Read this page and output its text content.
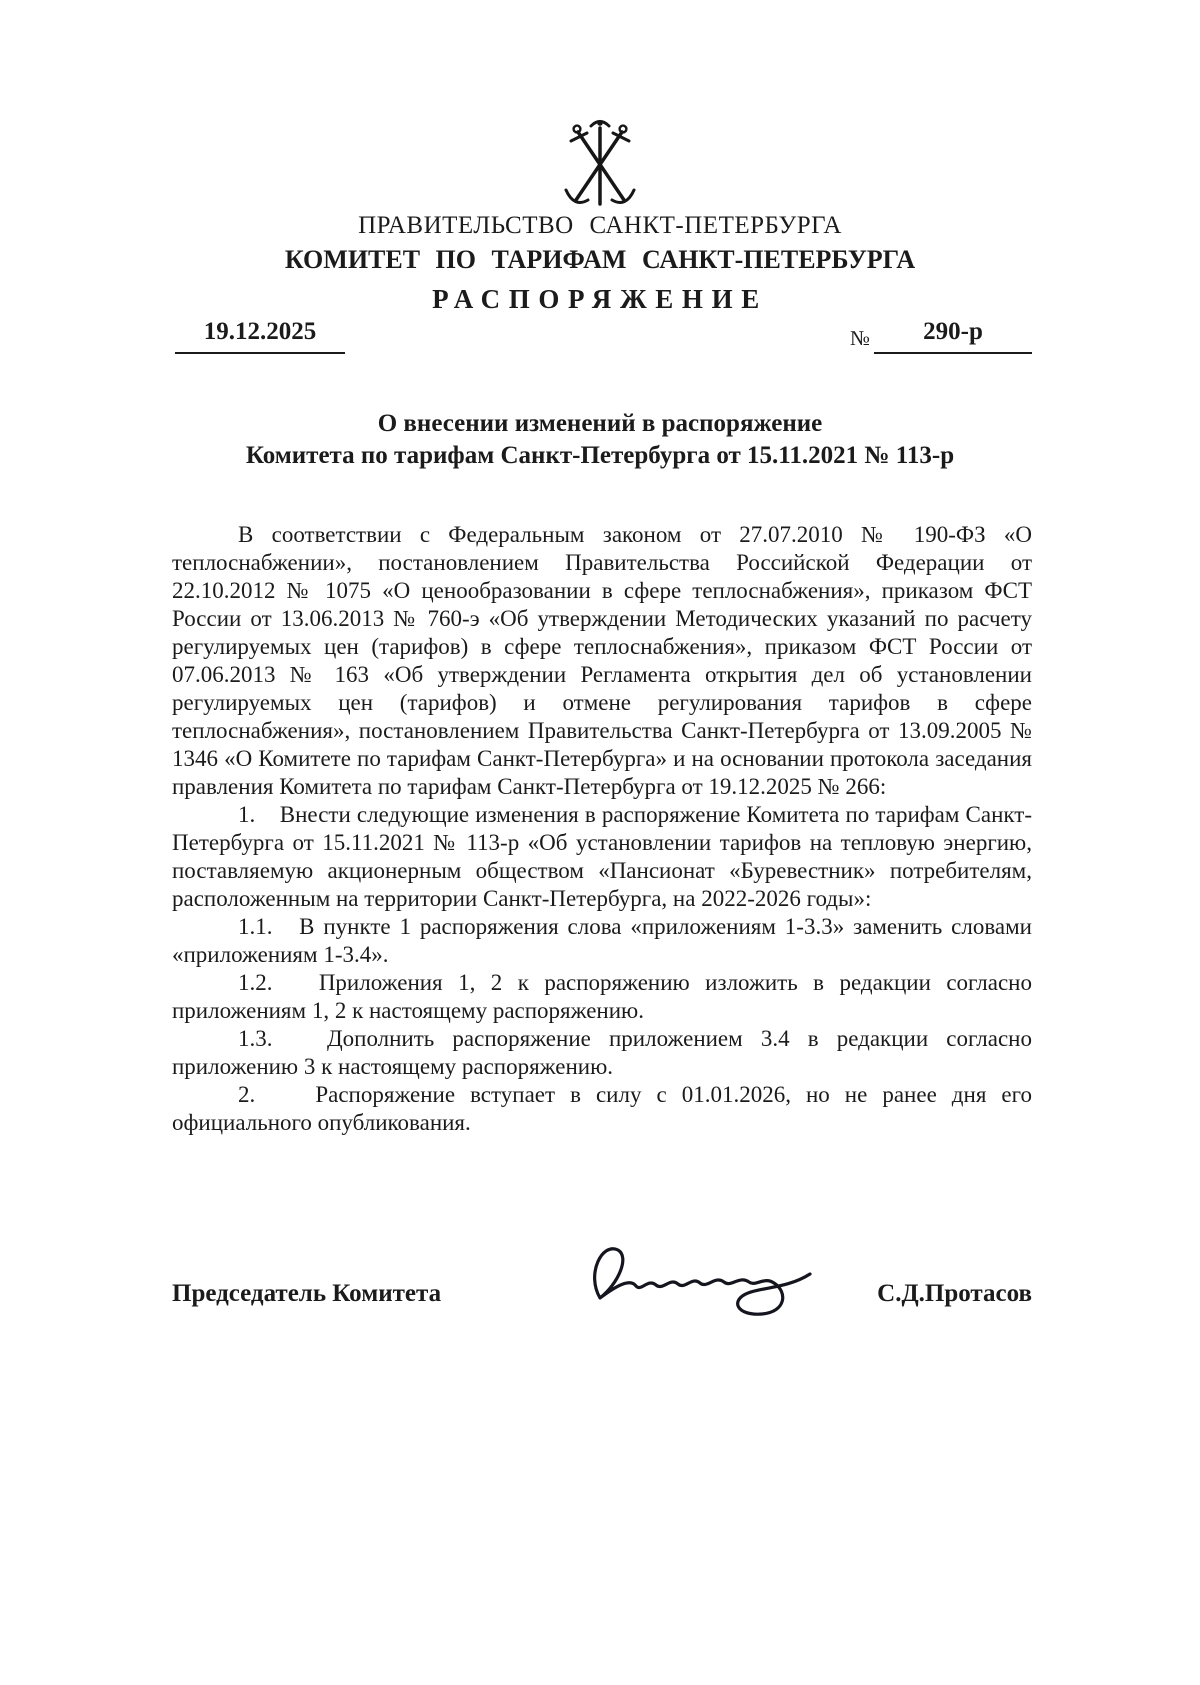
ПРАВИТЕЛЬСТВО САНКТ-ПЕТЕРБУРГА
КОМИТЕТ ПО ТАРИФАМ САНКТ-ПЕТЕРБУРГА
РАСПОРЯЖЕНИЕ
19.12.2025	№	290-р
О внесении изменений в распоряжение
Комитета по тарифам Санкт-Петербурга от 15.11.2021 № 113-р

В соответствии с Федеральным законом от 27.07.2010 № 190-ФЗ «О теплоснабжении», постановлением Правительства Российской Федерации от 22.10.2012 № 1075 «О ценообразовании в сфере теплоснабжения», приказом ФСТ России от 13.06.2013 № 760-э «Об утверждении Методических указаний по расчету регулируемых цен (тарифов) в сфере теплоснабжения», приказом ФСТ России от 07.06.2013 № 163 «Об утверждении Регламента открытия дел об установлении регулируемых цен (тарифов) и отмене регулирования тарифов в сфере теплоснабжения», постановлением Правительства Санкт-Петербурга от 13.09.2005 № 1346 «О Комитете по тарифам Санкт-Петербурга» и на основании протокола заседания правления Комитета по тарифам Санкт-Петербурга от 19.12.2025 № 266:

1.    Внести следующие изменения в распоряжение Комитета по тарифам Санкт-Петербурга от 15.11.2021 № 113-р «Об установлении тарифов на тепловую энергию, поставляемую акционерным обществом «Пансионат «Буревестник» потребителям, расположенным на территории Санкт-Петербурга, на 2022-2026 годы»:

1.1.   В пункте 1 распоряжения слова «приложениям 1-3.3» заменить словами «приложениям 1-3.4».

1.2.   Приложения 1, 2 к распоряжению изложить в редакции согласно приложениям 1, 2 к настоящему распоряжению.

1.3.   Дополнить распоряжение приложением 3.4 в редакции согласно приложению 3 к настоящему распоряжению.

2.    Распоряжение вступает в силу с 01.01.2026, но не ранее дня его официального опубликования.

Председатель Комитета	С.Д.Протасов
